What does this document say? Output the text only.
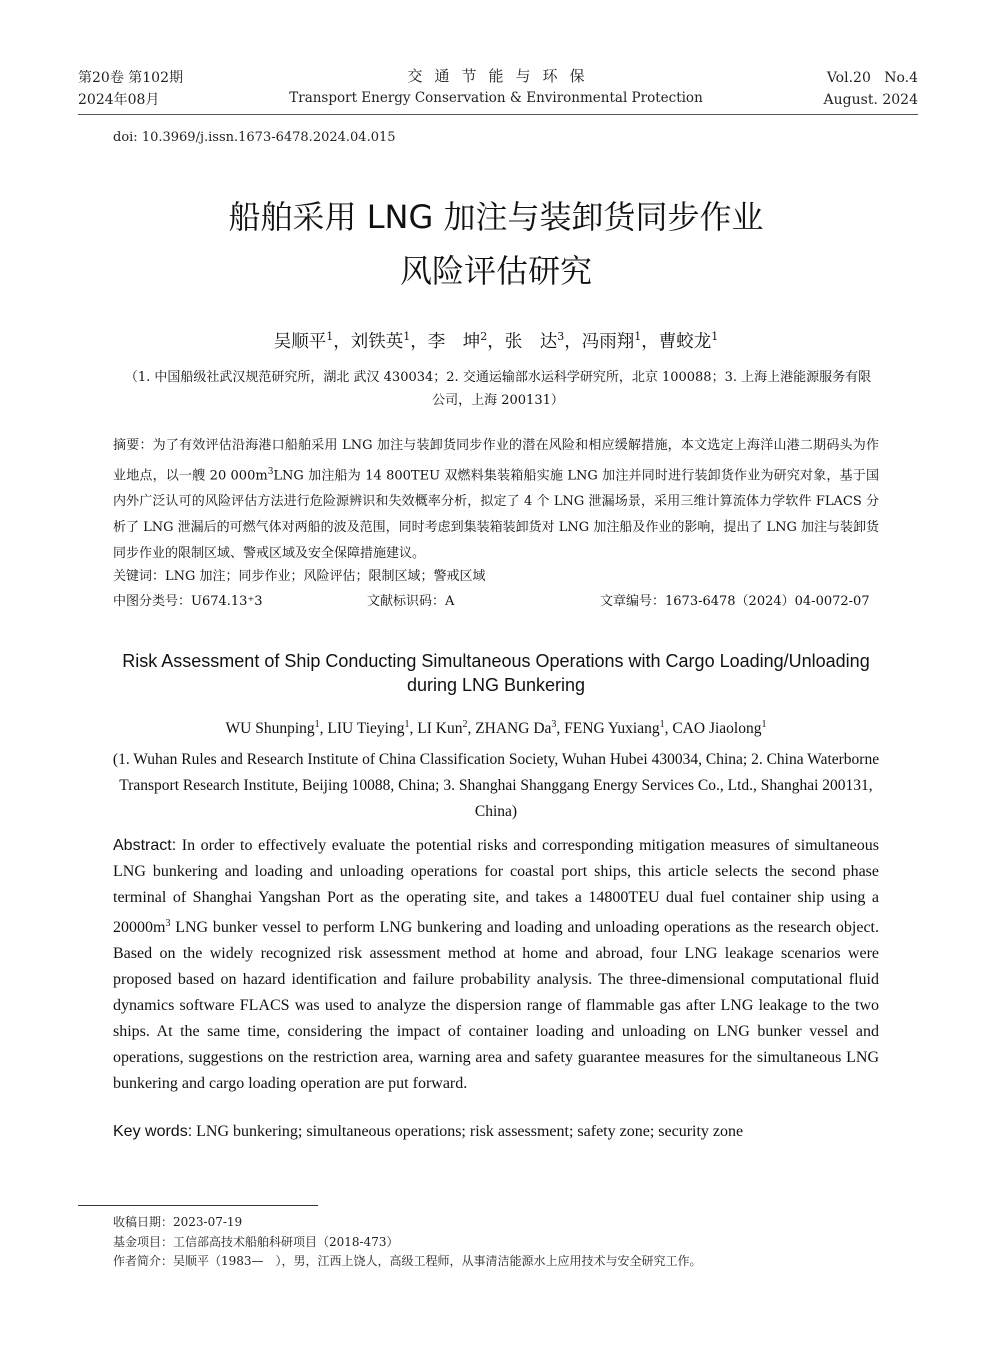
第20卷 第102期
2024年08月
交通节能与环保
Transport Energy Conservation & Environmental Protection
Vol.20   No.4
August. 2024
doi: 10.3969/j.issn.1673-6478.2024.04.015
船舶采用 LNG 加注与装卸货同步作业
风险评估研究
吴顺平$^1$，刘铁英$^1$，李　坤$^2$，张　达$^3$，冯雨翔$^1$，曹蛟龙$^1$
（1. 中国船级社武汉规范研究所，湖北 武汉 430034；2. 交通运输部水运科学研究所，北京 100088；3. 上海上港能源服务有限公司，上海 200131）
摘要：为了有效评估沿海港口船舶采用 LNG 加注与装卸货同步作业的潜在风险和相应缓解措施，本文选定上海洋山港二期码头为作业地点，以一艘 20 $000m^3LNG$ 加注船为 14 800TEU 双燃料集装箱船实施 LNG 加注并同时进行装卸货作业为研究对象，基于国内外广泛认可的风险评估方法进行危险源辨识和失效概率分析，拟定了 4 个 LNG 泄漏场景，采用三维计算流体力学软件 FLACS 分析了 LNG 泄漏后的可燃气体对两船的波及范围，同时考虑到集装箱装卸货对 LNG 加注船及作业的影响，提出了 LNG 加注与装卸货同步作业的限制区域、警戒区域及安全保障措施建议。
关键词：LNG 加注；同步作业；风险评估；限制区域；警戒区域
中图分类号：U674.13⁺3	文献标识码：A	文章编号：1673-6478（2024）04-0072-07
Risk Assessment of Ship Conducting Simultaneous Operations with Cargo Loading/Unloading during LNG Bunkering
WU Shunping$^1$, LIU Tieying$^1$, LI Kun$^2$, ZHANG Da$^3$, FENG Yuxiang$^1$, CAO Jiaolong$^1$
(1. Wuhan Rules and Research Institute of China Classification Society, Wuhan Hubei 430034, China; 2. China Waterborne Transport Research Institute, Beijing 10088, China; 3. Shanghai Shanggang Energy Services Co., Ltd., Shanghai 200131, China)
Abstract: In order to effectively evaluate the potential risks and corresponding mitigation measures of simultaneous LNG bunkering and loading and unloading operations for coastal port ships, this article selects the second phase terminal of Shanghai Yangshan Port as the operating site, and takes a 14800TEU dual fuel container ship using a $20000m^3$ LNG bunker vessel to perform LNG bunkering and loading and unloading operations as the research object. Based on the widely recognized risk assessment method at home and abroad, four LNG leakage scenarios were proposed based on hazard identification and failure probability analysis. The three-dimensional computational fluid dynamics software FLACS was used to analyze the dispersion range of flammable gas after LNG leakage to the two ships. At the same time, considering the impact of container loading and unloading on LNG bunker vessel and operations, suggestions on the restriction area, warning area and safety guarantee measures for the simultaneous LNG bunkering and cargo loading operation are put forward.
Key words: LNG bunkering; simultaneous operations; risk assessment; safety zone; security zone
收稿日期：2023-07-19
基金项目：工信部高技术船舶科研项目（2018-473）
作者简介：吴顺平（1983—　），男，江西上饶人，高级工程师，从事清洁能源水上应用技术与安全研究工作。
